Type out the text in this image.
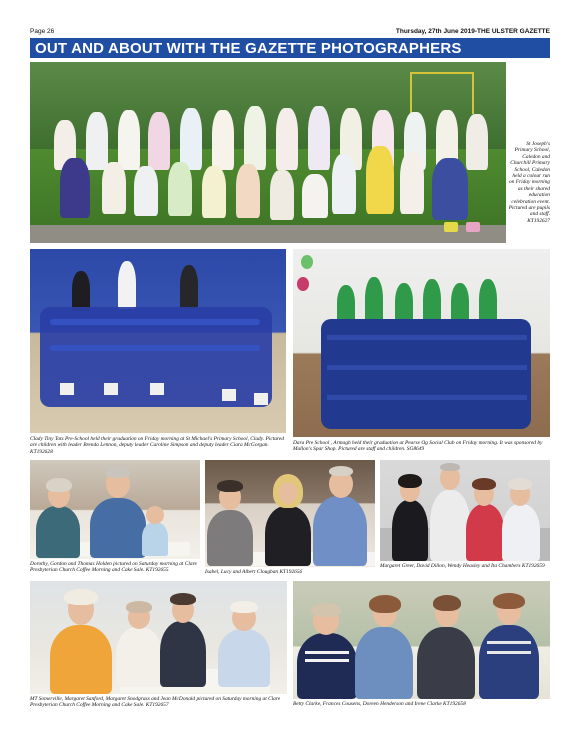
Page 26	Thursday, 27th June 2019-THE ULSTER GAZETTE
OUT AND ABOUT WITH THE GAZETTE PHOTOGRAPHERS
St Joseph's Primary School, Caledon and Churchill Primary School, Caledon held a colour run on Friday morning as their shared education celebration event. Pictured are pupils and staff. KT192627
Clady Tiny Tots Pre-School held their graduation on Friday morning at St Michael's Primary School, Clady. Pictured are children with leader Brenda Lennon, deputy leader Caroline Simpson and deputy leader Ciara McGorgan. KT192628
Dara Pre School , Armagh held their graduation at Pearse Og Social Club on Friday morning. It was sponsored by Mallon's Spar Shop. Pictured are staff and children. SG8649
Dorothy, Gordon and Thomas Holden pictured on Saturday morning at Clare Presbyterian Church Coffee Morning and Cake Sale. KT192655	Isabel, Lucy and Albert Clougban KT192656
Margaret Greer, David Dillon, Wendy Heasley and Ita Chambers KT192659
MT Somerville, Margaret Sanford, Margaret Snodgrass and Jean McDonald pictured on Saturday morning at Clare Presbyterian Church Coffee Morning and Cake Sale. KT192657	Betty Clarke, Frances Cousens, Doreen Henderson and Irene Clarke KT192658
